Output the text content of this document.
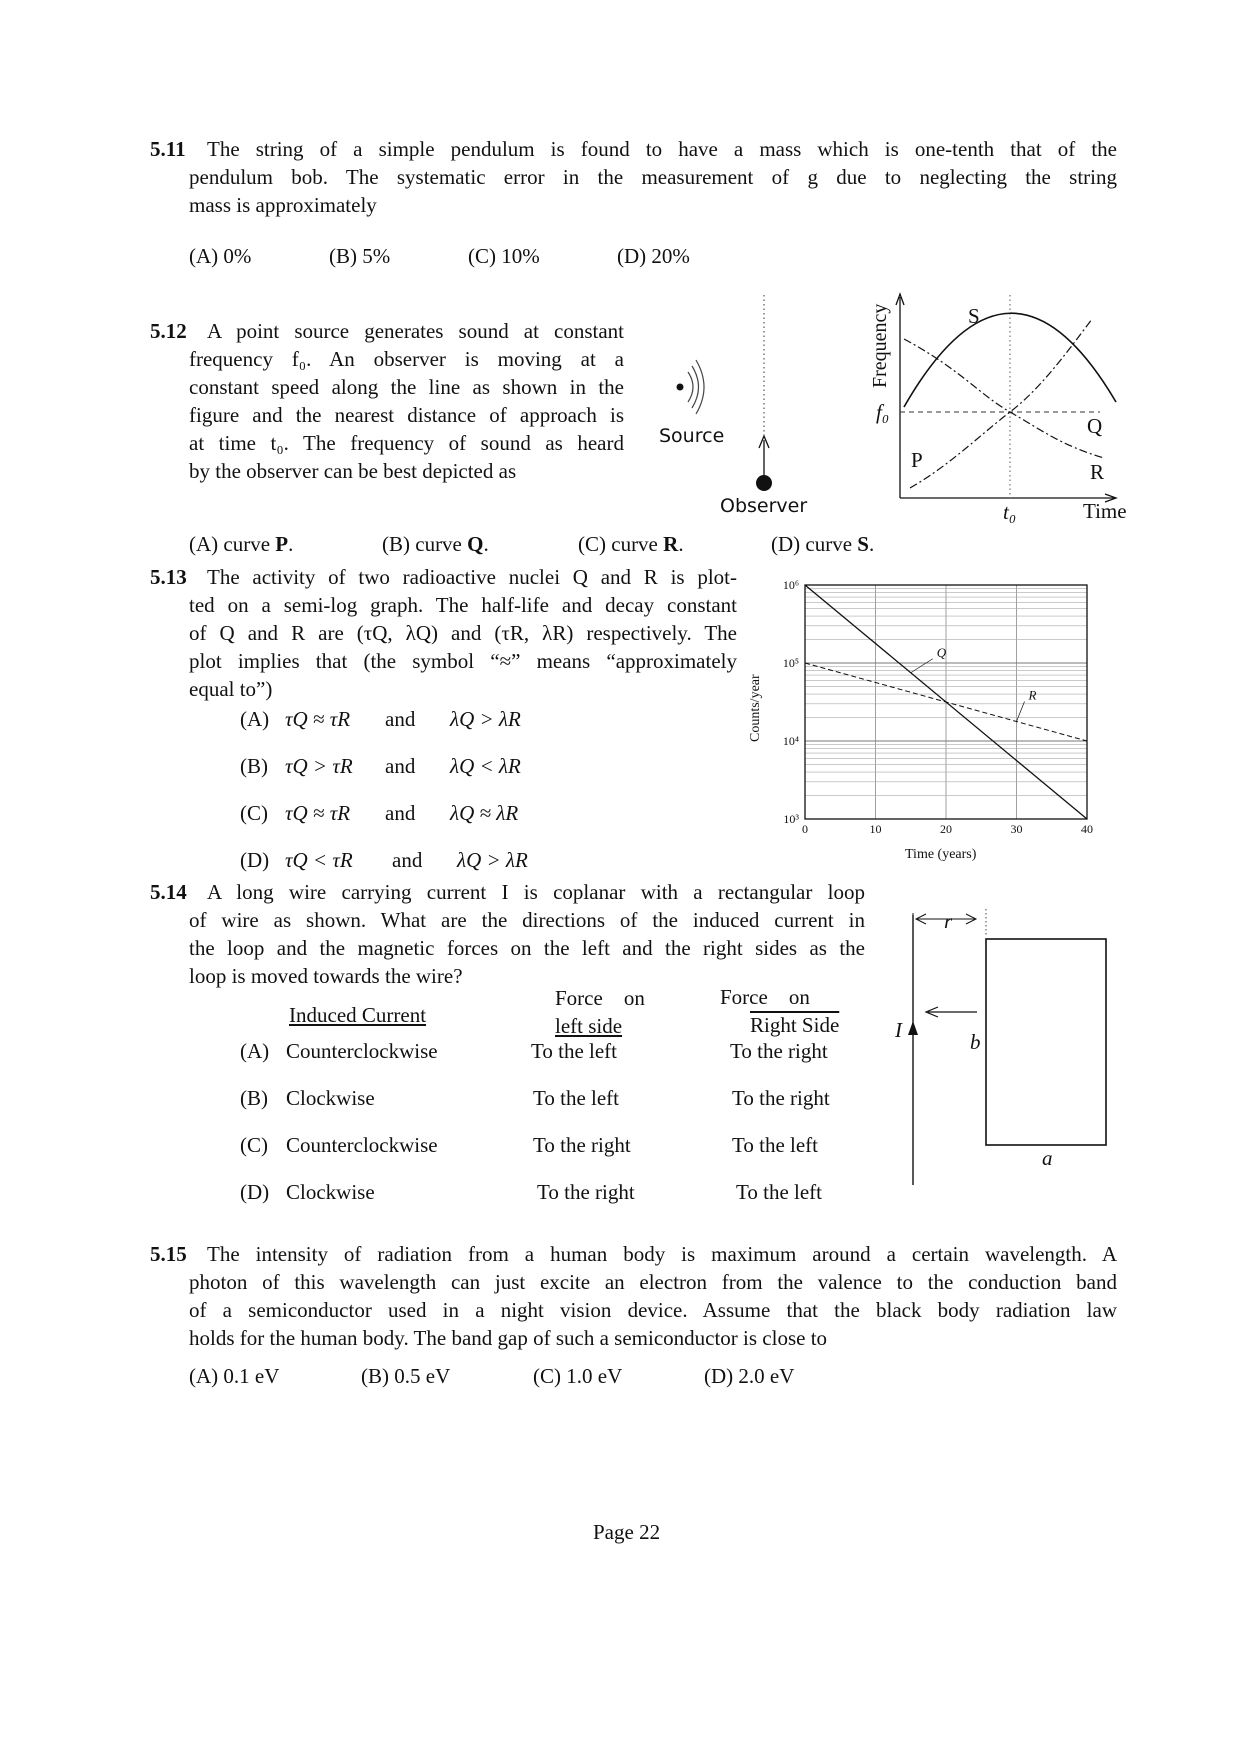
5.11 The string of a simple pendulum is found to have a mass which is one-tenth that of the
pendulum bob. The systematic error in the measurement of g due to neglecting the string
mass is approximately
(A) 0%	(B) 5%	(C) 10%	(D) 20%
5.12 A point source generates sound at constant
frequency f₀. An observer is moving at a
constant speed along the line as shown in the
figure and the nearest distance of approach is
at time t₀. The frequency of sound as heard
by the observer can be best depicted as
Source
Observer
Frequency
f₀
t₀	Time
S
Q
P	R
(A) curve P.	(B) curve Q.	(C) curve R.	(D) curve S.
5.13 The activity of two radioactive nuclei Q and R is plot-
ted on a semi-log graph. The half-life and decay constant
of Q and R are (τQ, λQ) and (τR, λR) respectively. The
plot implies that (the symbol “≈” means “approximately
equal to”)
(A) τQ ≈ τR and λQ > λR
(B) τQ > τR and λQ < λR
(C) τQ ≈ τR and λQ ≈ λR
(D) τQ < τR and λQ > λR
0	10	20	30	40
10³
10⁴
10⁵
10⁶
Q
R
Counts/year
Time (years)
5.14 A long wire carrying current I is coplanar with a rectangular loop
of wire as shown. What are the directions of the induced current in
the loop and the magnetic forces on the left and the right sides as the
loop is moved towards the wire?
Induced Current
Force    on
left side
Force    on
Right Side
(A) Counterclockwise	To the left	To the right
(B) Clockwise	To the left	To the right
(C) Counterclockwise	To the right	To the left
(D) Clockwise	To the right	To the left
r
I	b
a
5.15 The intensity of radiation from a human body is maximum around a certain wavelength. A
photon of this wavelength can just excite an electron from the valence to the conduction band
of a semiconductor used in a night vision device. Assume that the black body radiation law
holds for the human body. The band gap of such a semiconductor is close to
(A) 0.1 eV	(B) 0.5 eV	(C) 1.0 eV	(D) 2.0 eV
Page 22
